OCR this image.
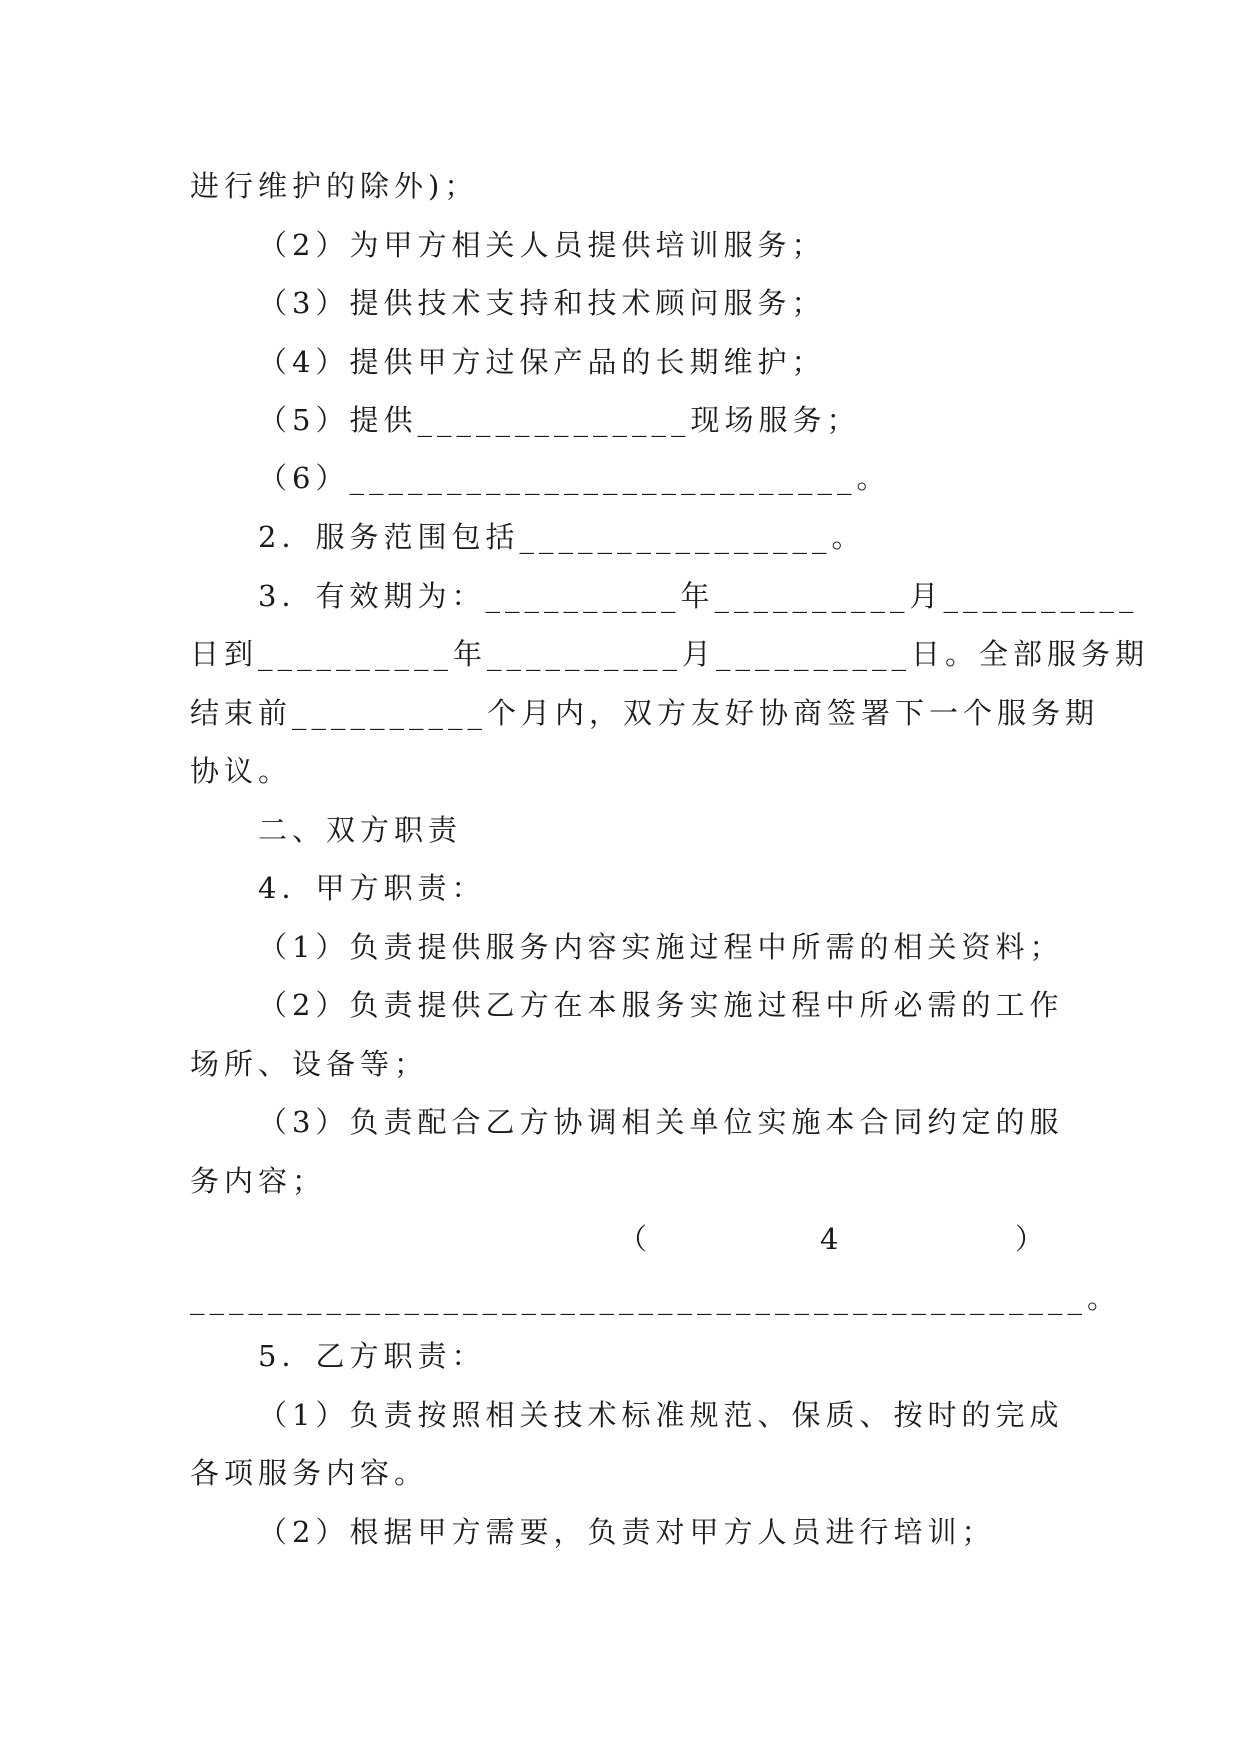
进行维护的除外)；
（2）为甲方相关人员提供培训服务；
（3）提供技术支持和技术顾问服务；
（4）提供甲方过保产品的长期维护；
（5）提供______________现场服务；
（6）__________________________。
2．服务范围包括________________。
3．有效期为：__________年__________月__________
日到__________年__________月__________日。全部服务期
结束前__________个月内，双方友好协商签署下一个服务期
协议。
二、双方职责
4．甲方职责：
（1）负责提供服务内容实施过程中所需的相关资料；
（2）负责提供乙方在本服务实施过程中所必需的工作
场所、设备等；
（3）负责配合乙方协调相关单位实施本合同约定的服
务内容；
（	4	）
______________________________________________。
5．乙方职责：
（1）负责按照相关技术标准规范、保质、按时的完成
各项服务内容。
（2）根据甲方需要，负责对甲方人员进行培训；
